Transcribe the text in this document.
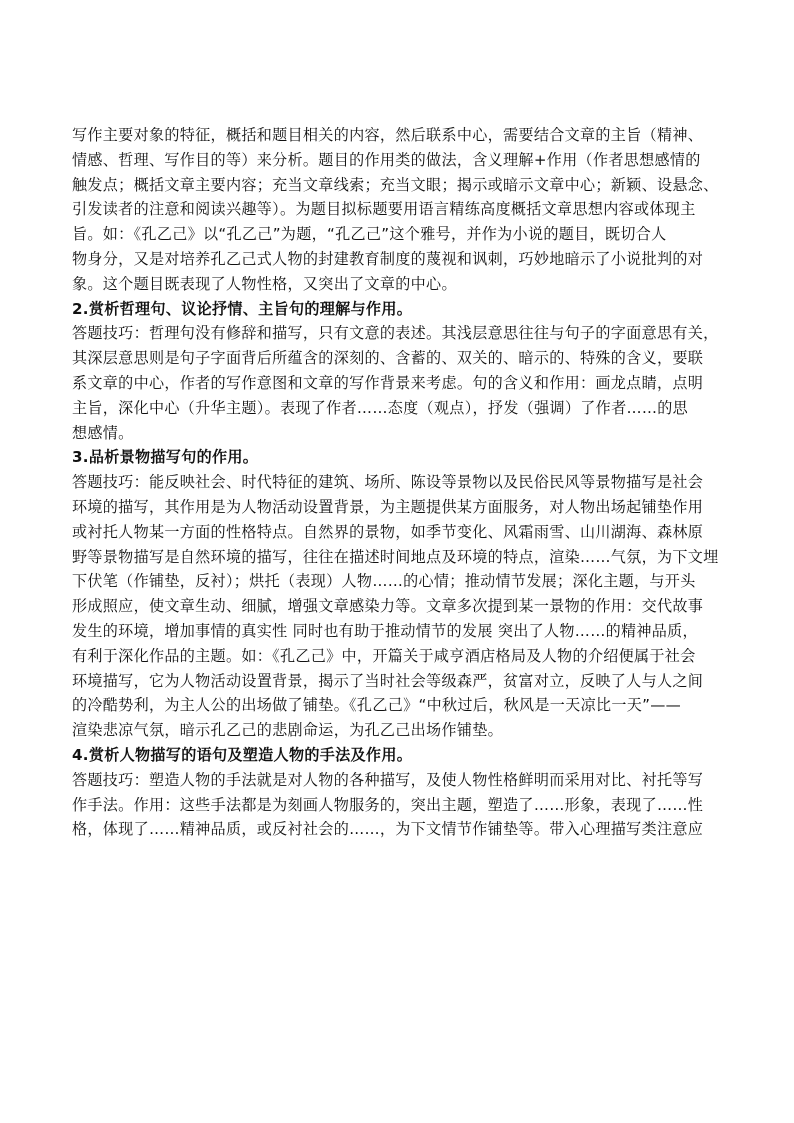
写作主要对象的特征，概括和题目相关的内容，然后联系中心，需要结合文章的主旨（精神、
情感、哲理、写作目的等）来分析。题目的作用类的做法，含义理解+作用（作者思想感情的
触发点；概括文章主要内容；充当文章线索；充当文眼；揭示或暗示文章中心；新颖、设悬念、
引发读者的注意和阅读兴趣等）。为题目拟标题要用语言精练高度概括文章思想内容或体现主
旨。如：《孔乙己》以“孔乙己”为题，“孔乙己”这个雅号，并作为小说的题目，既切合人
物身分，又是对培养孔乙己式人物的封建教育制度的蔑视和讽刺，巧妙地暗示了小说批判的对
象。这个题目既表现了人物性格，又突出了文章的中心。
2.赏析哲理句、议论抒情、主旨句的理解与作用。
答题技巧：哲理句没有修辞和描写，只有文意的表述。其浅层意思往往与句子的字面意思有关，
其深层意思则是句子字面背后所蕴含的深刻的、含蓄的、双关的、暗示的、特殊的含义，要联
系文章的中心，作者的写作意图和文章的写作背景来考虑。句的含义和作用：画龙点睛，点明
主旨，深化中心（升华主题）。表现了作者……态度（观点），抒发（强调）了作者……的思
想感情。
3.品析景物描写句的作用。
答题技巧：能反映社会、时代特征的建筑、场所、陈设等景物以及民俗民风等景物描写是社会
环境的描写，其作用是为人物活动设置背景，为主题提供某方面服务，对人物出场起铺垫作用
或衬托人物某一方面的性格特点。自然界的景物，如季节变化、风霜雨雪、山川湖海、森林原
野等景物描写是自然环境的描写，往往在描述时间地点及环境的特点，渲染……气氛，为下文埋
下伏笔（作铺垫，反衬）；烘托（表现）人物……的心情；推动情节发展；深化主题，与开头
形成照应，使文章生动、细腻，增强文章感染力等。文章多次提到某一景物的作用：交代故事
发生的环境，增加事情的真实性 同时也有助于推动情节的发展 突出了人物……的精神品质，
有利于深化作品的主题。如：《孔乙己》中，开篇关于咸亨酒店格局及人物的介绍便属于社会
环境描写，它为人物活动设置背景，揭示了当时社会等级森严，贫富对立，反映了人与人之间
的冷酷势利，为主人公的出场做了铺垫。《孔乙己》“中秋过后，秋风是一天凉比一天”——
渲染悲凉气氛，暗示孔乙己的悲剧命运，为孔乙己出场作铺垫。
4.赏析人物描写的语句及塑造人物的手法及作用。
答题技巧：塑造人物的手法就是对人物的各种描写，及使人物性格鲜明而采用对比、衬托等写
作手法。作用：这些手法都是为刻画人物服务的，突出主题，塑造了……形象，表现了……性
格，体现了……精神品质，或反衬社会的……，为下文情节作铺垫等。带入心理描写类注意应
